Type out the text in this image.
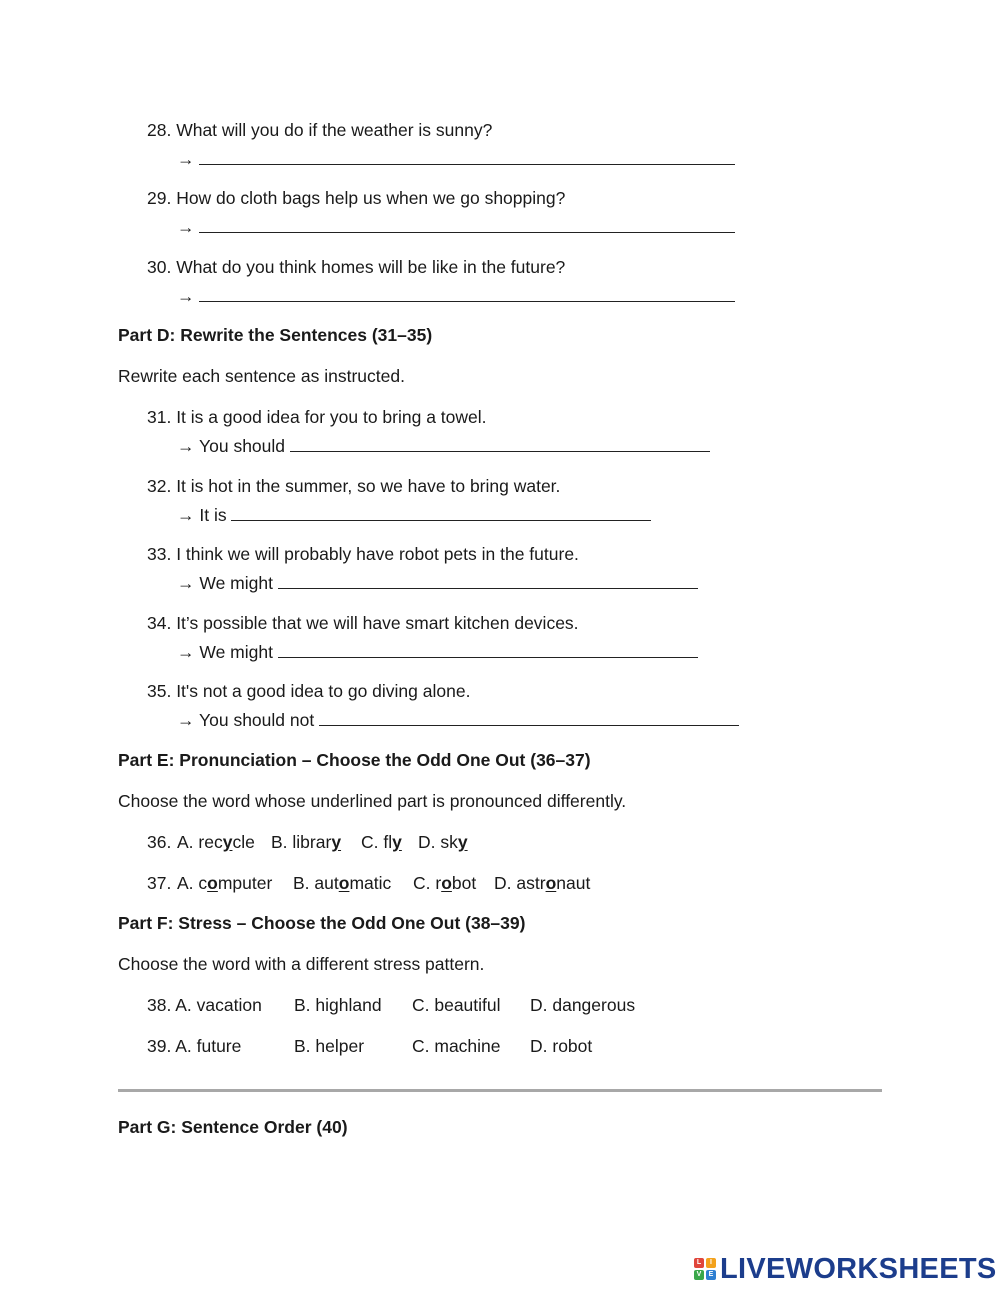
28. What will you do if the weather is sunny?
→
29. How do cloth bags help us when we go shopping?
→
30. What do you think homes will be like in the future?
→
Part D: Rewrite the Sentences (31–35)
Rewrite each sentence as instructed.
31. It is a good idea for you to bring a towel.
→ You should
32. It is hot in the summer, so we have to bring water.
→ It is
33. I think we will probably have robot pets in the future.
→ We might
34. It’s possible that we will have smart kitchen devices.
→ We might
35. It's not a good idea to go diving alone.
→ You should not
Part E: Pronunciation – Choose the Odd One Out (36–37)
Choose the word whose underlined part is pronounced differently.
36. A. recycle B. library C. fly D. sky
37. A. computer B. automatic C. robot D. astronaut
Part F: Stress – Choose the Odd One Out (38–39)
Choose the word with a different stress pattern.
38. A. vacation B. highland C. beautiful D. dangerous
39. A. future	B. helper	C. machine D. robot
Part G: Sentence Order (40)
L	I
V	E LIVEWORKSHEETS
